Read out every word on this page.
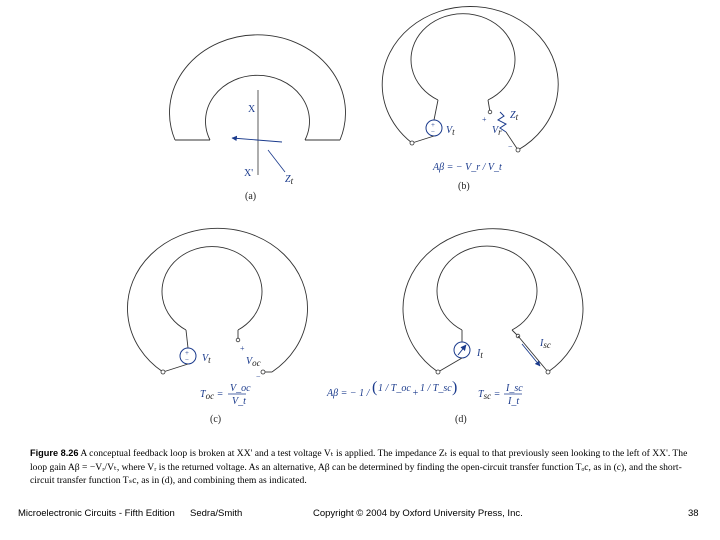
X
X'
Zt
(a)
+
− Vt
+
−
Zt
Vr
Aβ = − V_r / V_t
(b)
+
− Vt
+
−
Voc
Toc =
V_oc
V_t
(c)
It
Isc
Tsc =
I_sc
I_t
(d)
Aβ = − 1 / ( 1 / T_oc + 1 / T_sc )
Figure 8.26 A conceptual feedback loop is broken at XX' and a test voltage Vₜ is applied. The impedance Zₜ is equal to that previously seen looking to the left of XX'. The loop gain Aβ = −Vᵣ/Vₜ, where Vᵣ is the returned voltage. As an alternative, Aβ can be determined by finding the open-circuit transfer function Tₒc, as in (c), and the short-circuit transfer function Tₛc, as in (d), and combining them as indicated.
Microelectronic Circuits - Fifth Edition Sedra/Smith	Copyright © 2004 by Oxford University Press, Inc.	38
